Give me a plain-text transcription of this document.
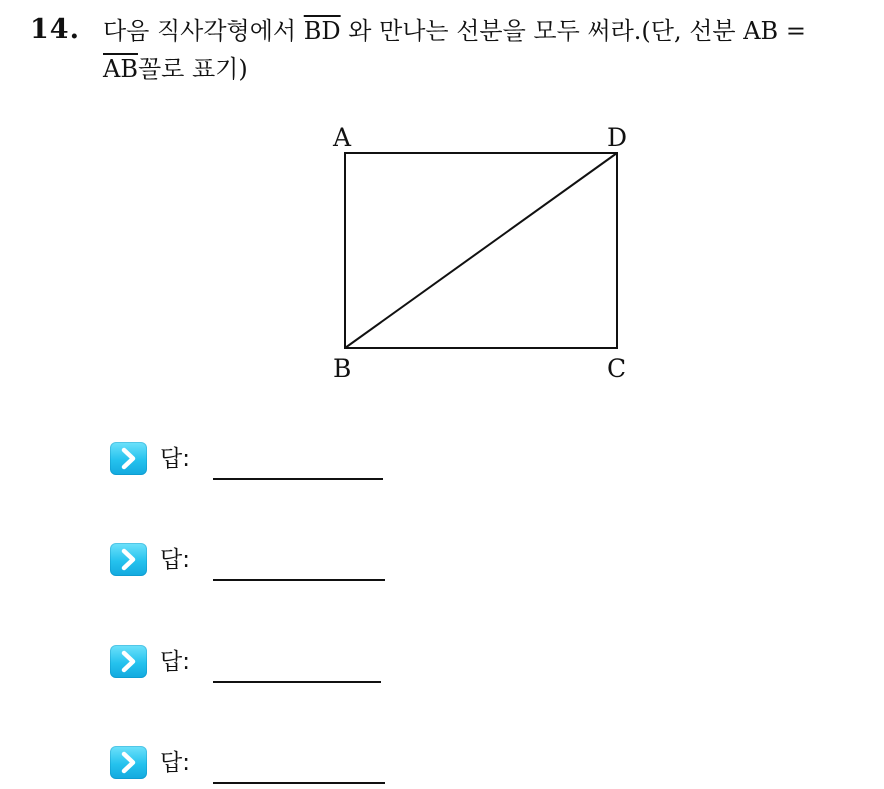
14. 다음 직사각형에서 $\overline{BD}$ 와 만나는 선분을 모두 써라.(단, 선분 AB =
$\overline{AB}$꼴로 표기)
A	D
B	C
답:
답:
답:
답:
